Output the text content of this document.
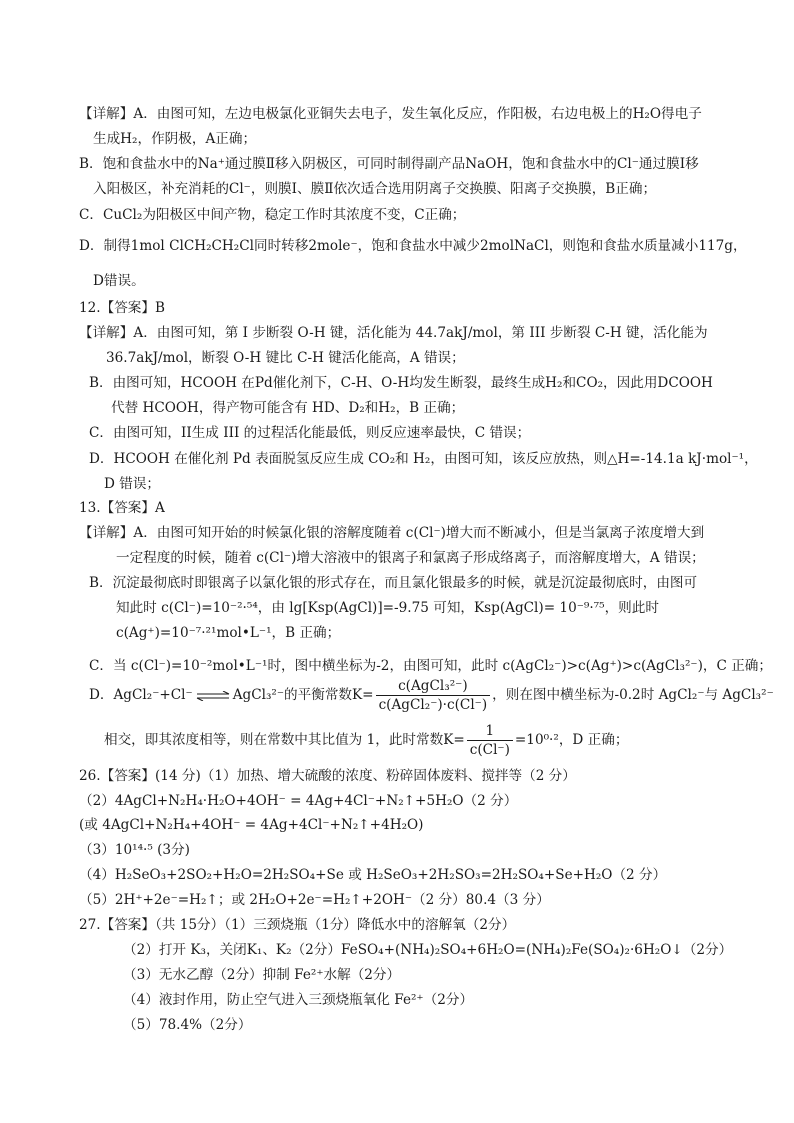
【详解】A．由图可知，左边电极氯化亚铜失去电子，发生氧化反应，作阳极，右边电极上的H₂O得电子
生成H₂，作阴极，A正确；
B．饱和食盐水中的Na⁺通过膜Ⅱ移入阴极区，可同时制得副产品NaOH，饱和食盐水中的Cl⁻通过膜Ⅰ移
入阳极区，补充消耗的Cl⁻，则膜Ⅰ、膜Ⅱ依次适合选用阴离子交换膜、阳离子交换膜，B正确；
C．CuCl₂为阳极区中间产物，稳定工作时其浓度不变，C正确；
D．制得1mol ClCH₂CH₂Cl同时转移2mole⁻，饱和食盐水中减少2molNaCl，则饱和食盐水质量减小117g，
D错误。
12.【答案】B
【详解】A．由图可知，第 I 步断裂 O-H 键，活化能为 44.7akJ/mol，第 III 步断裂 C-H 键，活化能为
36.7akJ/mol，断裂 O-H 键比 C-H 键活化能高，A 错误；
B．由图可知，HCOOH 在Pd催化剂下，C-H、O-H均发生断裂，最终生成H₂和CO₂，因此用DCOOH
代替 HCOOH，得产物可能含有 HD、D₂和H₂，B 正确；
C．由图可知，II生成 III 的过程活化能最低，则反应速率最快，C 错误；
D．HCOOH 在催化剂 Pd 表面脱氢反应生成 CO₂和 H₂，由图可知，该反应放热，则△H=-14.1a kJ·mol⁻¹，
D 错误；
13.【答案】A
【详解】A．由图可知开始的时候氯化银的溶解度随着 c(Cl⁻)增大而不断减小，但是当氯离子浓度增大到
一定程度的时候，随着 c(Cl⁻)增大溶液中的银离子和氯离子形成络离子，而溶解度增大，A 错误；
B．沉淀最彻底时即银离子以氯化银的形式存在，而且氯化银最多的时候，就是沉淀最彻底时，由图可
知此时 c(Cl⁻)=10⁻²·⁵⁴，由 lg[Ksp(AgCl)]=-9.75 可知，Ksp(AgCl)= 10⁻⁹·⁷⁵，则此时
c(Ag⁺)=10⁻⁷·²¹mol•L⁻¹，B 正确；
C．当 c(Cl⁻)=10⁻²mol•L⁻¹时，图中横坐标为-2，由图可知，此时 c(AgCl₂⁻)>c(Ag⁺)>c(AgCl₃²⁻)，C 正确；
D．AgCl₂⁻+Cl⁻ ⇌ AgCl₃²⁻的平衡常数$K= \frac{\text{c(AgCl₃²⁻)}}{\text{c(AgCl₂⁻)·c(Cl⁻)}}$ ，则在图中横坐标为-0.2时 AgCl₂⁻与 AgCl₃²⁻
相交，即其浓度相等，则在常数中其比值为 1，此时常数$K= \frac{1}{c(Cl^-)} =10^0\cdot^2$，D 正确；
26.【答案】(14 分)（1）加热、增大硫酸的浓度、粉碎固体废料、搅拌等（2 分）
（2）4AgCl+N₂H₄·H₂O+4OH⁻ = 4Ag+4Cl⁻+N₂↑+5H₂O（2 分）
(或 4AgCl+N₂H₄+4OH⁻ = 4Ag+4Cl⁻+N₂↑+4H₂O)
（3）10¹⁴·⁵ (3分)
（4）H₂SeO₃+2SO₂+H₂O=2H₂SO₄+Se 或 H₂SeO₃+2H₂SO₃=2H₂SO₄+Se+H₂O（2 分）
（5）2H⁺+2e⁻=H₂↑；或 2H₂O+2e⁻=H₂↑+2OH⁻（2 分）80.4（3 分）
27.【答案】（共 15分）（1）三颈烧瓶（1分）降低水中的溶解氧（2分）
（2）打开 K₃，关闭K₁、K₂（2分）FeSO₄+(NH₄)₂SO₄+6H₂O=(NH₄)₂Fe(SO₄)₂·6H₂O↓（2分）
（3）无水乙醇（2分）抑制 Fe²⁺水解（2分）
（4）液封作用，防止空气进入三颈烧瓶氧化 Fe²⁺（2分）
（5）78.4%（2分）
